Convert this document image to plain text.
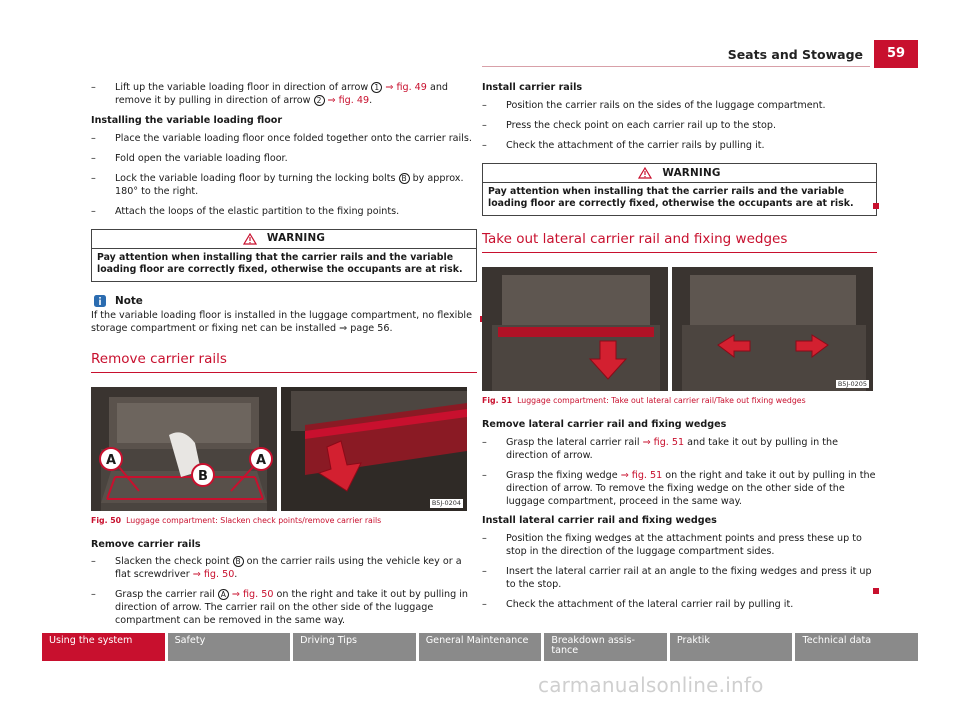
Seats and Stowage	59
– Lift up the variable loading floor in direction of arrow 1 ⇒ fig. 49 and remove it by pulling in direction of arrow 2 ⇒ fig. 49.
Installing the variable loading floor
– Place the variable loading floor once folded together onto the carrier rails.
– Fold open the variable loading floor.
– Lock the variable loading floor by turning the locking bolts B by approx. 180° to the right.
– Attach the loops of the elastic partition to the fixing points.
WARNING
Pay attention when installing that the carrier rails and the variable loading floor are correctly fixed, otherwise the occupants are at risk.
Note
If the variable loading floor is installed in the luggage compartment, no flexible storage compartment or fixing net can be installed ⇒ page 56.
Remove carrier rails
A	A
B
B5J-0204
Fig. 50 Luggage compartment: Slacken check points/remove carrier rails
Remove carrier rails
– Slacken the check point B on the carrier rails using the vehicle key or a flat screwdriver ⇒ fig. 50.
– Grasp the carrier rail A ⇒ fig. 50 on the right and take it out by pulling in direction of arrow. The carrier rail on the other side of the luggage compartment can be removed in the same way.
Install carrier rails
– Position the carrier rails on the sides of the luggage compartment.
– Press the check point on each carrier rail up to the stop.
– Check the attachment of the carrier rails by pulling it.
WARNING
Pay attention when installing that the carrier rails and the variable loading floor are correctly fixed, otherwise the occupants are at risk.
Take out lateral carrier rail and fixing wedges
B5J-0205
Fig. 51 Luggage compartment: Take out lateral carrier rail/Take out fixing wedges
Remove lateral carrier rail and fixing wedges
– Grasp the lateral carrier rail ⇒ fig. 51 and take it out by pulling in the direction of arrow.
– Grasp the fixing wedge ⇒ fig. 51 on the right and take it out by pulling in the direction of arrow. To remove the fixing wedge on the other side of the luggage compartment, proceed in the same way.
Install lateral carrier rail and fixing wedges
– Position the fixing wedges at the attachment points and press these up to stop in the direction of the luggage compartment sides.
– Insert the lateral carrier rail at an angle to the fixing wedges and press it up to the stop.
– Check the attachment of the lateral carrier rail by pulling it.
Using the system	Safety	Driving Tips	General Maintenance	Breakdown assis-
tance
Praktik	Technical data
carmanualsonline.info
